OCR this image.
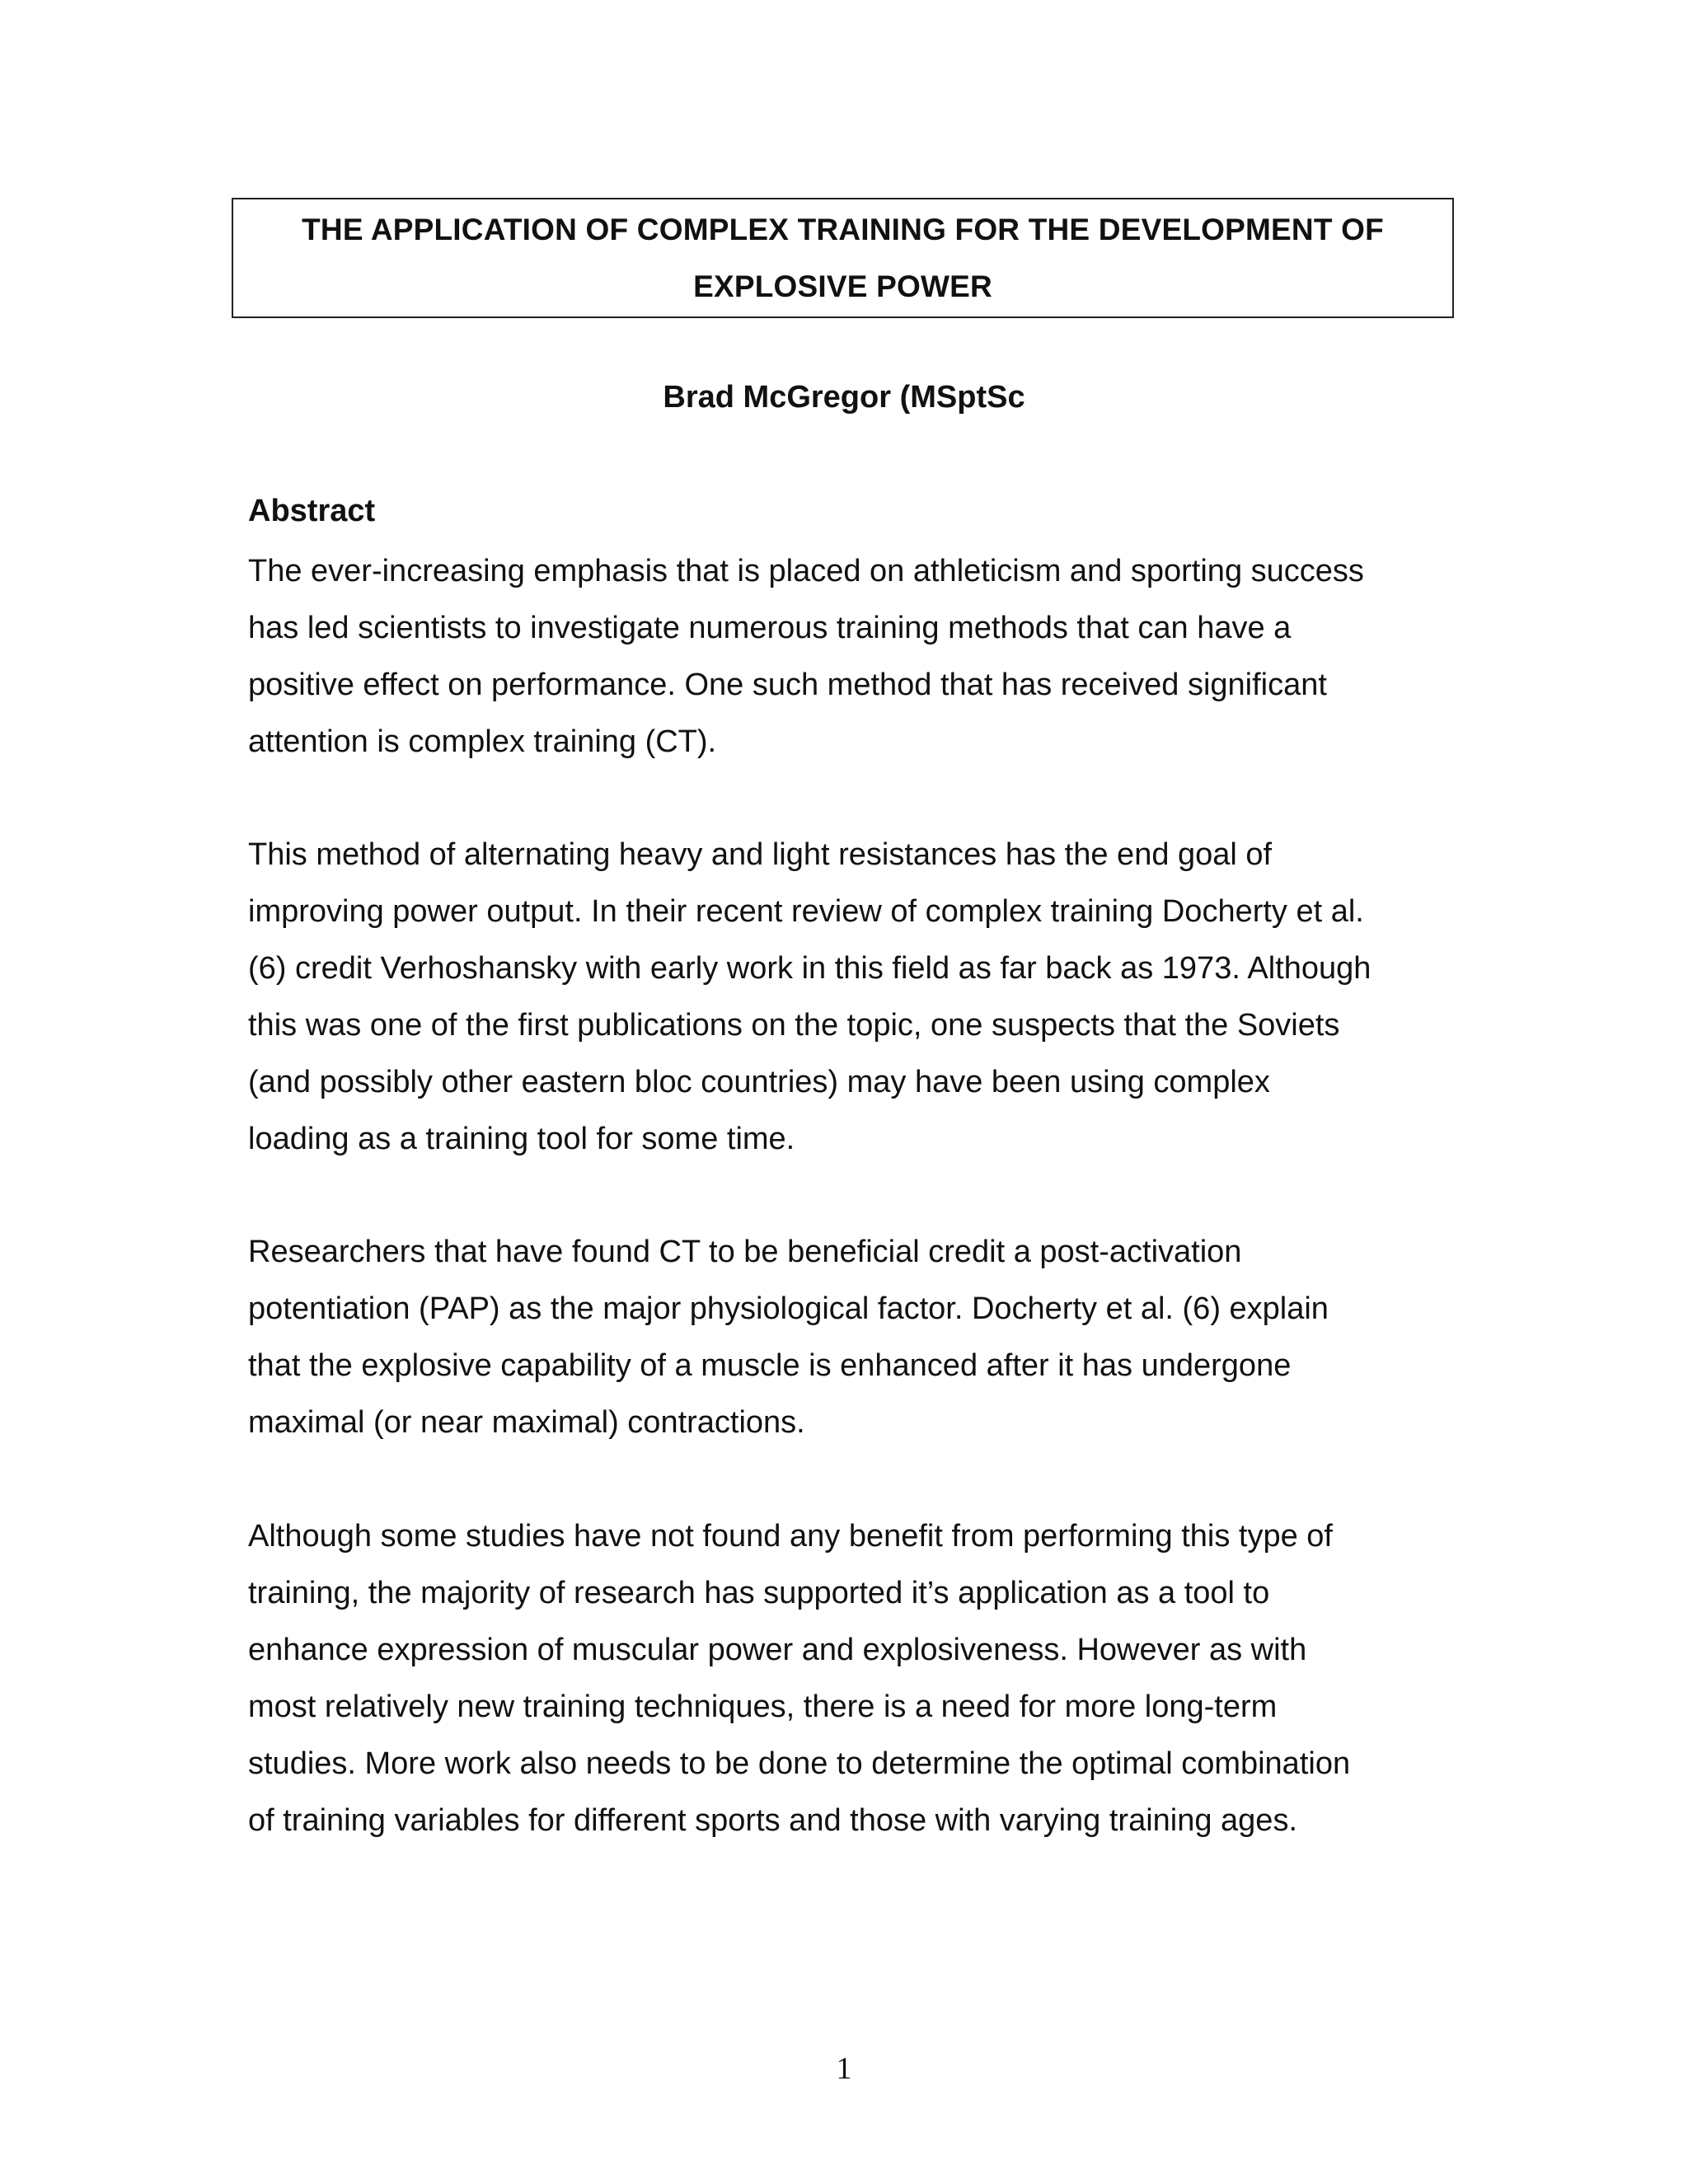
THE APPLICATION OF COMPLEX TRAINING FOR THE DEVELOPMENT OF
EXPLOSIVE POWER
Brad McGregor (MSptSc
Abstract
The ever-increasing emphasis that is placed on athleticism and sporting success
has led scientists to investigate numerous training methods that can have a
positive effect on performance. One such method that has received significant
attention is complex training (CT).
This method of alternating heavy and light resistances has the end goal of
improving power output. In their recent review of complex training Docherty et al.
(6) credit Verhoshansky with early work in this field as far back as 1973. Although
this was one of the first publications on the topic, one suspects that the Soviets
(and possibly other eastern bloc countries) may have been using complex
loading as a training tool for some time.
Researchers that have found CT to be beneficial credit a post-activation
potentiation (PAP) as the major physiological factor. Docherty et al. (6) explain
that the explosive capability of a muscle is enhanced after it has undergone
maximal (or near maximal) contractions.
Although some studies have not found any benefit from performing this type of
training, the majority of research has supported it’s application as a tool to
enhance expression of muscular power and explosiveness. However as with
most relatively new training techniques, there is a need for more long-term
studies. More work also needs to be done to determine the optimal combination
of training variables for different sports and those with varying training ages.
1
